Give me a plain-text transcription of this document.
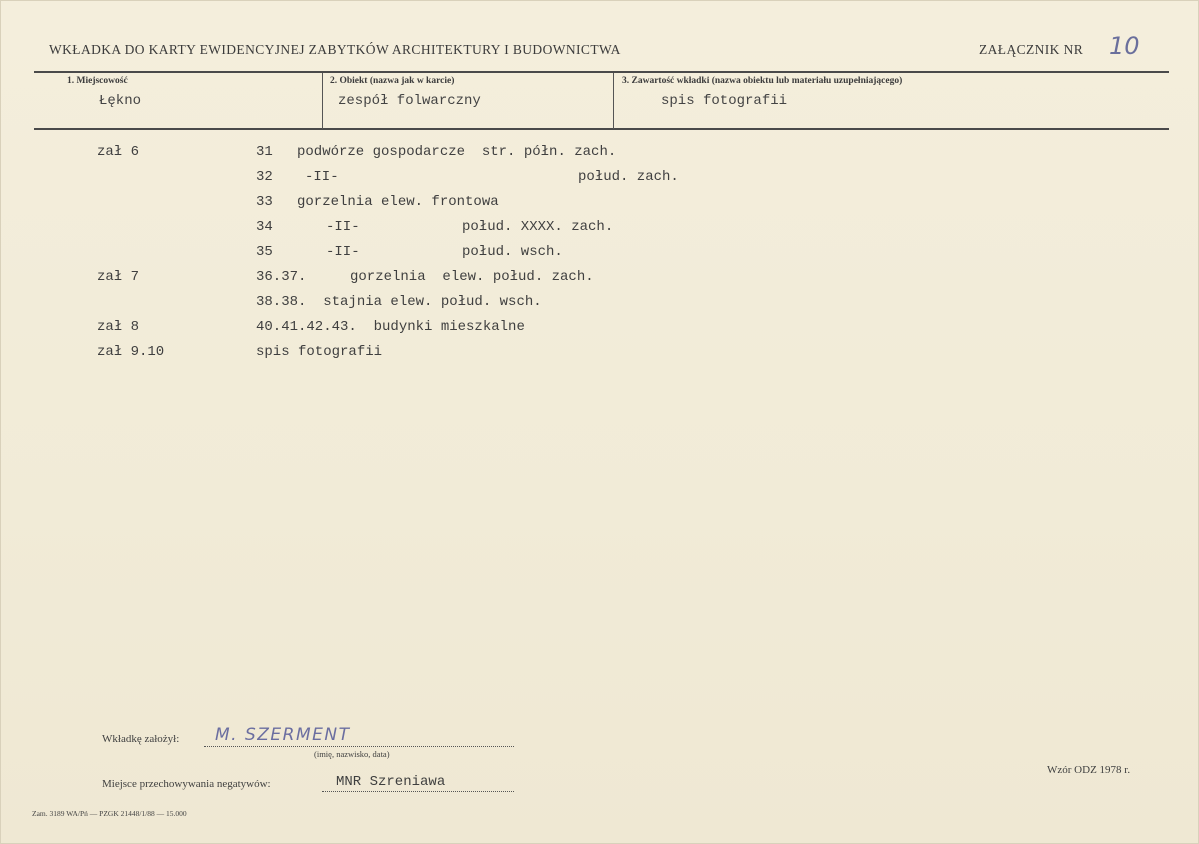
WKŁADKA DO KARTY EWIDENCYJNEJ ZABYTKÓW ARCHITEKTURY I BUDOWNICTWA	ZAŁĄCZNIK NR 10
1. Miejscowość
Łękno
2. Obiekt (nazwa jak w karcie)
zespół folwarczny
3. Zawartość wkładki (nazwa obiektu lub materiału uzupełniającego)
spis fotografii
zał 6	31 podwórze gospodarcze  str. półn. zach.
32 -II-	połud. zach.
33 gorzelnia elew. frontowa
34	-II-	połud. XXXX. zach.
35	-II-	połud. wsch.
zał 7	36.37.	gorzelnia  elew. połud. zach.
38.38.  stajnia elew. połud. wsch.
zał 8	40.41.42.43.  budynki mieszkalne
zał 9.10	spis fotografii
Wkładkę założył: M. SZERMENT
(imię, nazwisko, data)
Miejsce przechowywania negatywów:	MNR Szreniawa
Wzór ODZ 1978 r.
Zam. 3189 WA/Pń — PZGK 21448/1/88 — 15.000
